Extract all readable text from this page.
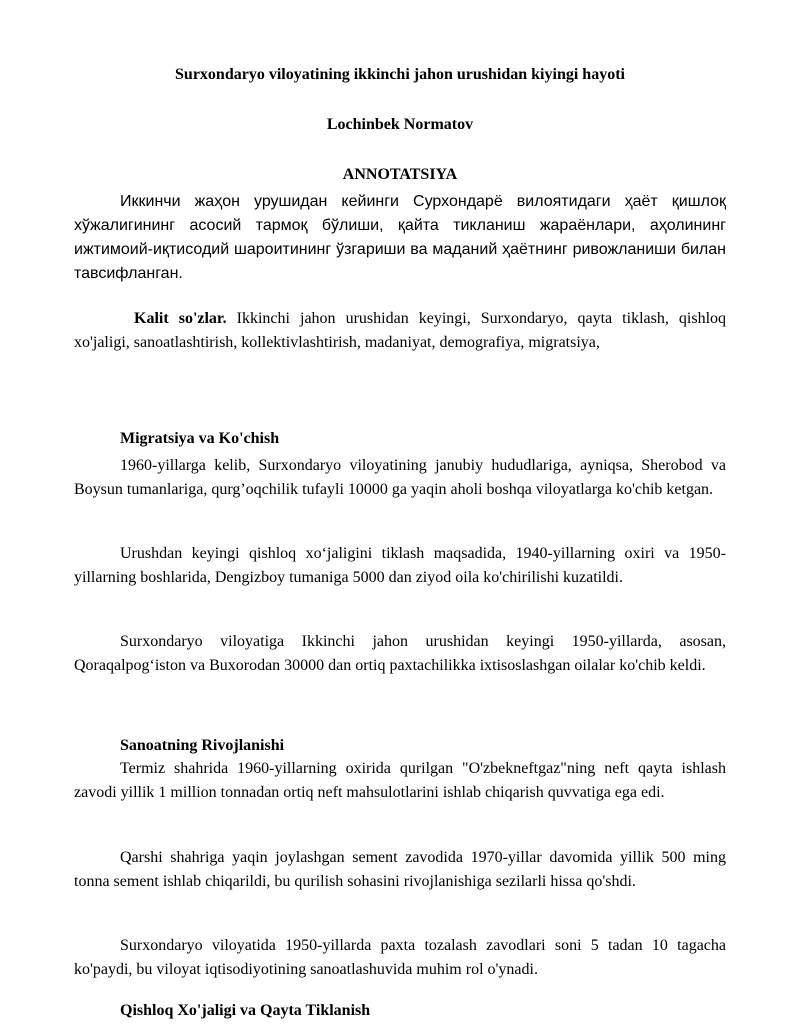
Surxondaryo viloyatining ikkinchi jahon urushidan kiyingi hayoti
Lochinbek Normatov
ANNOTATSIYA

Иккинчи жаҳон урушидан кейинги Сурхондарё вилоятидаги ҳаёт қишлоқ хўжалигининг асосий тармоқ бўлиши, қайта тикланиш жараёнлари, аҳолининг ижтимоий-иқтисодий шароитининг ўзгариши ва маданий ҳаётнинг ривожланиши билан тавсифланган.

Kalit so'zlar. Ikkinchi jahon urushidan keyingi, Surxondaryo, qayta tiklash, qishloq xo'jaligi, sanoatlashtirish, kollektivlashtirish, madaniyat, demografiya, migratsiya,

Migratsiya va Ko'chish

1960-yillarga kelib, Surxondaryo viloyatining janubiy hududlariga, ayniqsa, Sherobod va Boysun tumanlariga, qurg’oqchilik tufayli 10000 ga yaqin aholi boshqa viloyatlarga ko'chib ketgan.

Urushdan keyingi qishloq xo‘jaligini tiklash maqsadida, 1940-yillarning oxiri va 1950-yillarning boshlarida, Dengizboy tumaniga 5000 dan ziyod oila ko'chirilishi kuzatildi.

Surxondaryo viloyatiga Ikkinchi jahon urushidan keyingi 1950-yillarda, asosan, Qoraqalpog‘iston va Buxorodan 30000 dan ortiq paxtachilikka ixtisoslashgan oilalar ko'chib keldi.

Sanoatning Rivojlanishi

Termiz shahrida 1960-yillarning oxirida qurilgan "O'zbekneftgaz"ning neft qayta ishlash zavodi yillik 1 million tonnadan ortiq neft mahsulotlarini ishlab chiqarish quvvatiga ega edi.

Qarshi shahriga yaqin joylashgan sement zavodida 1970-yillar davomida yillik 500 ming tonna sement ishlab chiqarildi, bu qurilish sohasini rivojlanishiga sezilarli hissa qo'shdi.

Surxondaryo viloyatida 1950-yillarda paxta tozalash zavodlari soni 5 tadan 10 tagacha ko'paydi, bu viloyat iqtisodiyotining sanoatlashuvida muhim rol o'ynadi.

Qishloq Xo'jaligi va Qayta Tiklanish
